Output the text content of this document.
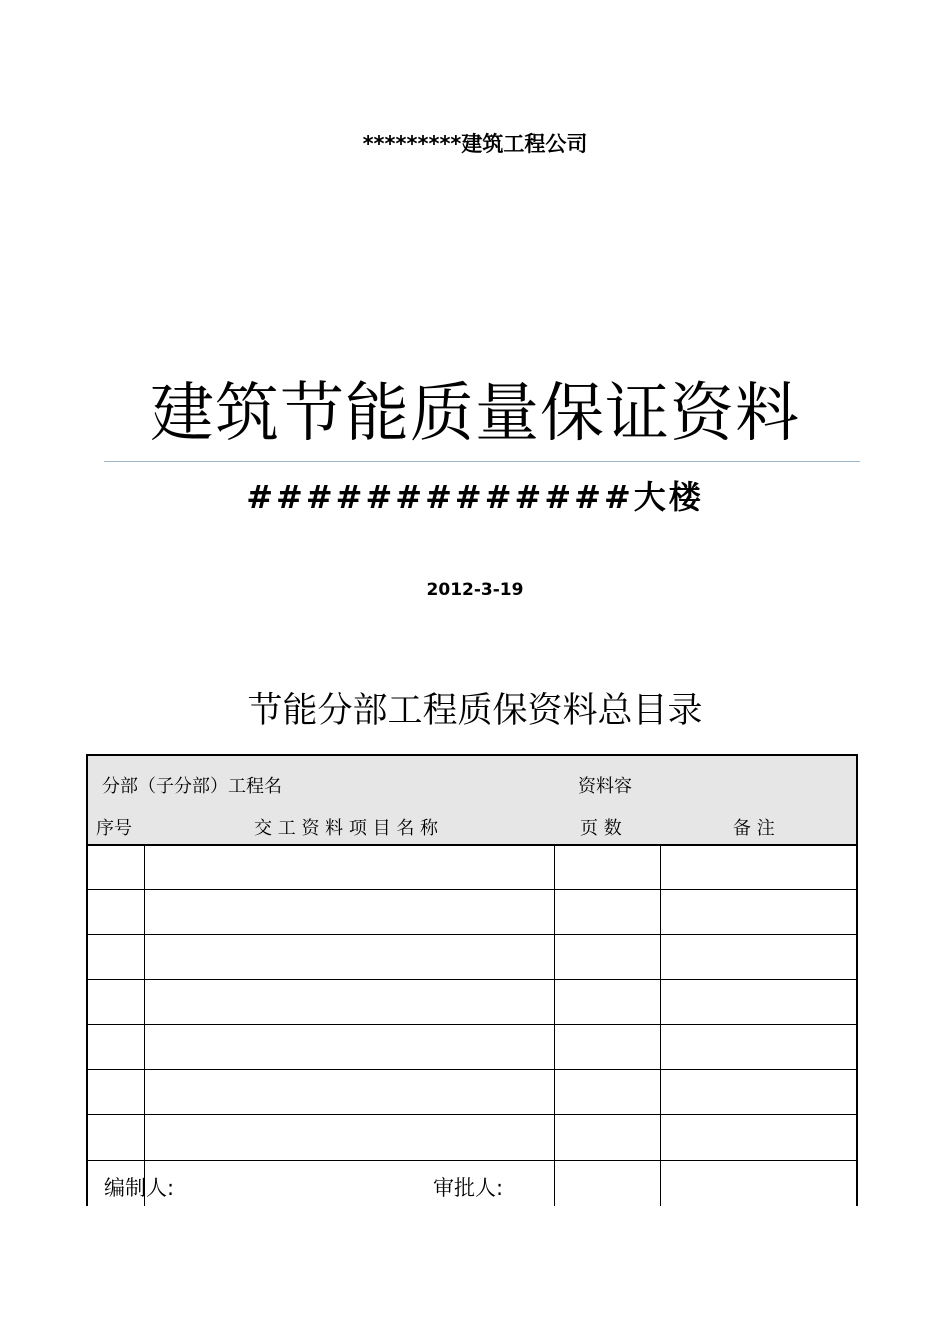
*********建筑工程公司
建筑节能质量保证资料
#############大楼
2012-3-19
节能分部工程质保资料总目录
分部（子分部）工程名	资料容
序号	交 工 资 料 项 目 名 称	页 数	备 注
编制人:	审批人:
